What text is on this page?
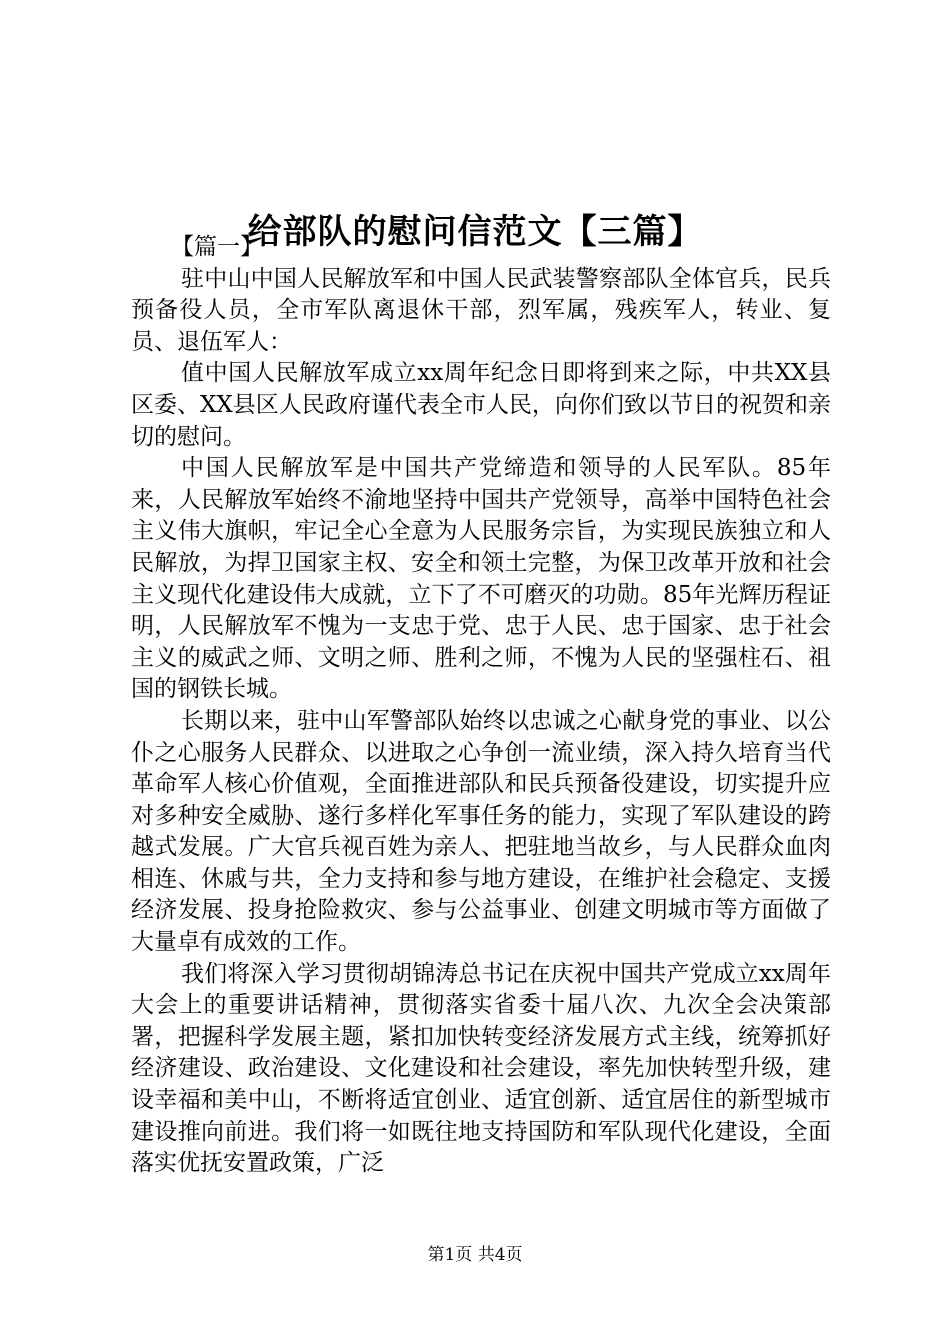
给部队的慰问信范文【三篇】

【篇一】

驻中山中国人民解放军和中国人民武装警察部队全体官兵，民兵预备役人员，全市军队离退休干部，烈军属，残疾军人，转业、复员、退伍军人：

值中国人民解放军成立xx周年纪念日即将到来之际，中共XX县区委、XX县区人民政府谨代表全市人民，向你们致以节日的祝贺和亲切的慰问。

中国人民解放军是中国共产党缔造和领导的人民军队。85年来，人民解放军始终不渝地坚持中国共产党领导，高举中国特色社会主义伟大旗帜，牢记全心全意为人民服务宗旨，为实现民族独立和人民解放，为捍卫国家主权、安全和领土完整，为保卫改革开放和社会主义现代化建设伟大成就，立下了不可磨灭的功勋。85年光辉历程证明，人民解放军不愧为一支忠于党、忠于人民、忠于国家、忠于社会主义的威武之师、文明之师、胜利之师，不愧为人民的坚强柱石、祖国的钢铁长城。

长期以来，驻中山军警部队始终以忠诚之心献身党的事业、以公仆之心服务人民群众、以进取之心争创一流业绩，深入持久培育当代革命军人核心价值观，全面推进部队和民兵预备役建设，切实提升应对多种安全威胁、遂行多样化军事任务的能力，实现了军队建设的跨越式发展。广大官兵视百姓为亲人、把驻地当故乡，与人民群众血肉相连、休戚与共，全力支持和参与地方建设，在维护社会稳定、支援经济发展、投身抢险救灾、参与公益事业、创建文明城市等方面做了大量卓有成效的工作。

我们将深入学习贯彻胡锦涛总书记在庆祝中国共产党成立xx周年大会上的重要讲话精神，贯彻落实省委十届八次、九次全会决策部署，把握科学发展主题，紧扣加快转变经济发展方式主线，统筹抓好经济建设、政治建设、文化建设和社会建设，率先加快转型升级，建设幸福和美中山，不断将适宜创业、适宜创新、适宜居住的新型城市建设推向前进。我们将一如既往地支持国防和军队现代化建设，全面落实优抚安置政策，广泛

第1页 共4页
